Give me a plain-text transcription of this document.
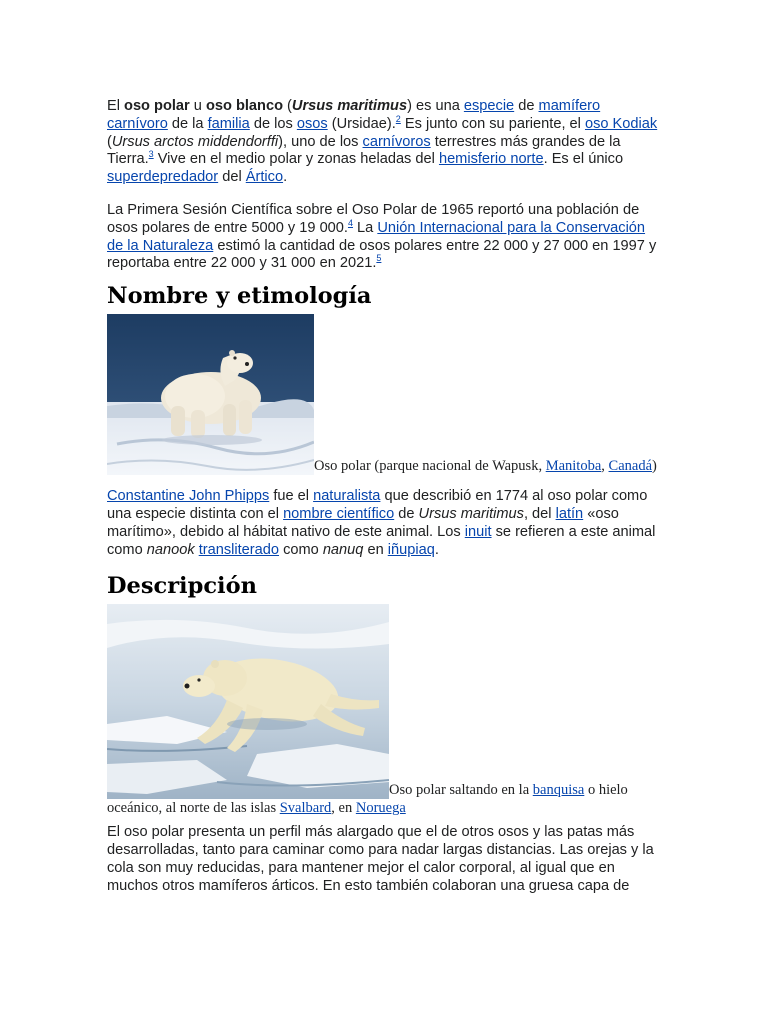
El oso polar u oso blanco (Ursus maritimus) es una especie de mamífero carnívoro de la familia de los osos (Ursidae).$^2$ Es junto con su pariente, el oso Kodiak (Ursus arctos middendorffi), uno de los carnívoros terrestres más grandes de la Tierra.$^3$ Vive en el medio polar y zonas heladas del hemisferio norte. Es el único superdepredador del Ártico.

La Primera Sesión Científica sobre el Oso Polar de 1965 reportó una población de osos polares de entre 5000 y 19 000.$^4$ La Unión Internacional para la Conservación de la Naturaleza estimó la cantidad de osos polares entre 22 000 y 27 000 en 1997 y reportaba entre 22 000 y 31 000 en 2021.$^5$

Nombre y etimología

Oso polar (parque nacional de Wapusk, Manitoba, Canadá)

Constantine John Phipps fue el naturalista que describió en 1774 al oso polar como una especie distinta con el nombre científico de Ursus maritimus, del latín «oso marítimo», debido al hábitat nativo de este animal. Los inuit se refieren a este animal como nanook transliterado como nanuq en iñupiaq.

Descripción

Oso polar saltando en la banquisa o hielo oceánico, al norte de las islas Svalbard, en Noruega

El oso polar presenta un perfil más alargado que el de otros osos y las patas más desarrolladas, tanto para caminar como para nadar largas distancias. Las orejas y la cola son muy reducidas, para mantener mejor el calor corporal, al igual que en muchos otros mamíferos árticos. En esto también colaboran una gruesa capa de
